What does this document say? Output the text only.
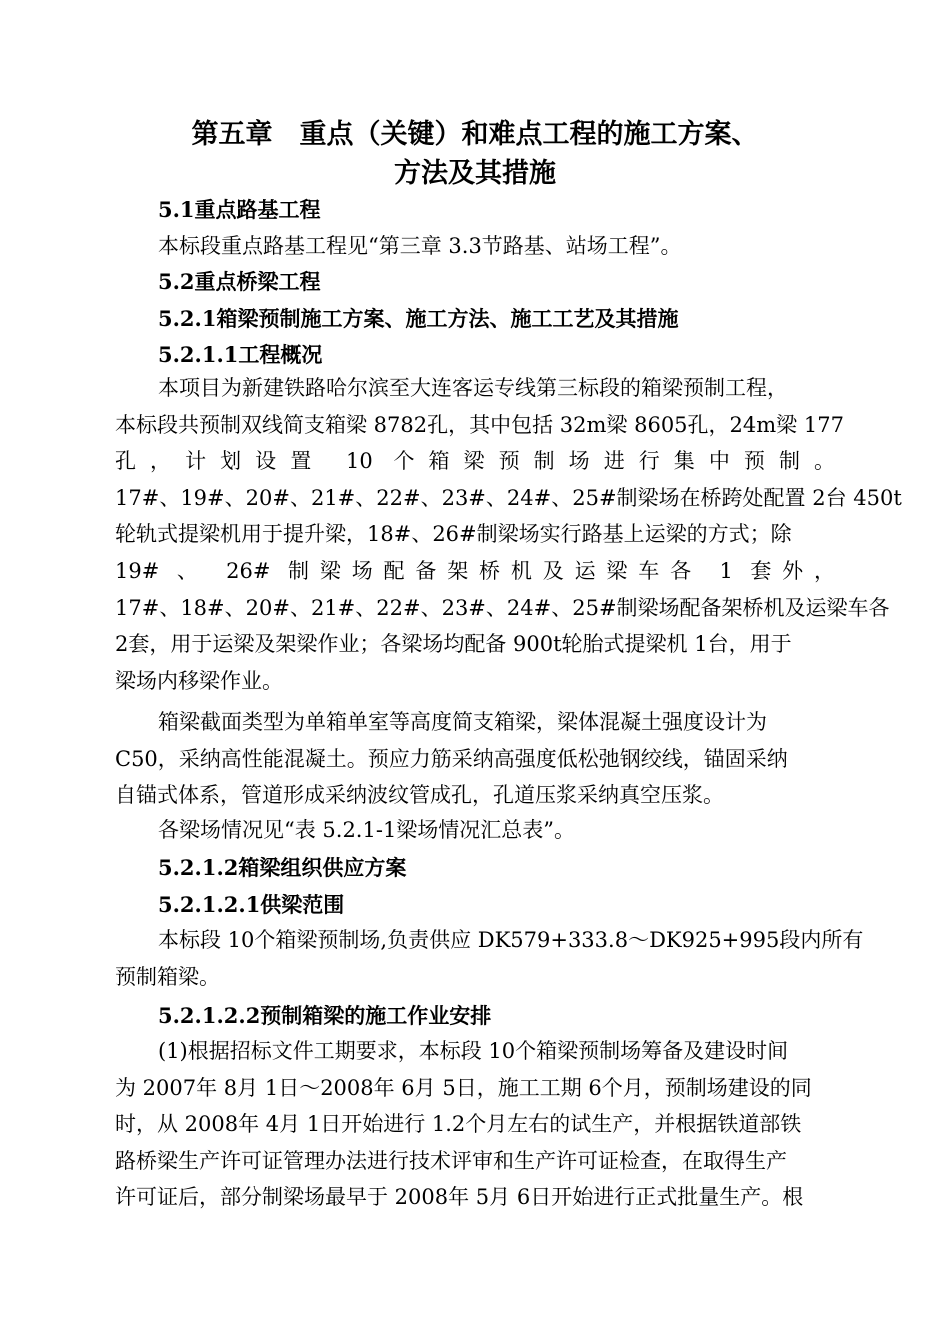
第五章　重点（关键）和难点工程的施工方案、
方法及其措施
5.1重点路基工程
本标段重点路基工程见“第三章 3.3节路基、站场工程”。
5.2重点桥梁工程
5.2.1箱梁预制施工方案、施工方法、施工工艺及其措施
5.2.1.1工程概况
本项目为新建铁路哈尔滨至大连客运专线第三标段的箱梁预制工程，
本标段共预制双线简支箱梁 8782孔，其中包括 32m梁 8605孔，24m梁 177
孔，计划设置 10 个箱梁预制场进行集中预制。
17#、19#、20#、21#、22#、23#、24#、25#制梁场在桥跨处配置 2台 450t
轮轨式提梁机用于提升梁，18#、26#制梁场实行路基上运梁的方式；除
19# 、 26# 制梁场配备架桥机及运梁车各 1 套外，
17#、18#、20#、21#、22#、23#、24#、25#制梁场配备架桥机及运梁车各
2套，用于运梁及架梁作业；各梁场均配备 900t轮胎式提梁机 1台，用于
梁场内移梁作业。
箱梁截面类型为单箱单室等高度简支箱梁，梁体混凝土强度设计为
C50，采纳高性能混凝土。预应力筋采纳高强度低松弛钢绞线，锚固采纳
自锚式体系，管道形成采纳波纹管成孔，孔道压浆采纳真空压浆。
各梁场情况见“表 5.2.1-1梁场情况汇总表”。
5.2.1.2箱梁组织供应方案
5.2.1.2.1供梁范围
本标段 10个箱梁预制场,负责供应 DK579+333.8～DK925+995段内所有
预制箱梁。
5.2.1.2.2预制箱梁的施工作业安排
(1)根据招标文件工期要求，本标段 10个箱梁预制场筹备及建设时间
为 2007年 8月 1日～2008年 6月 5日，施工工期 6个月，预制场建设的同
时，从 2008年 4月 1日开始进行 1.2个月左右的试生产，并根据铁道部铁
路桥梁生产许可证管理办法进行技术评审和生产许可证检查，在取得生产
许可证后，部分制梁场最早于 2008年 5月 6日开始进行正式批量生产。根
